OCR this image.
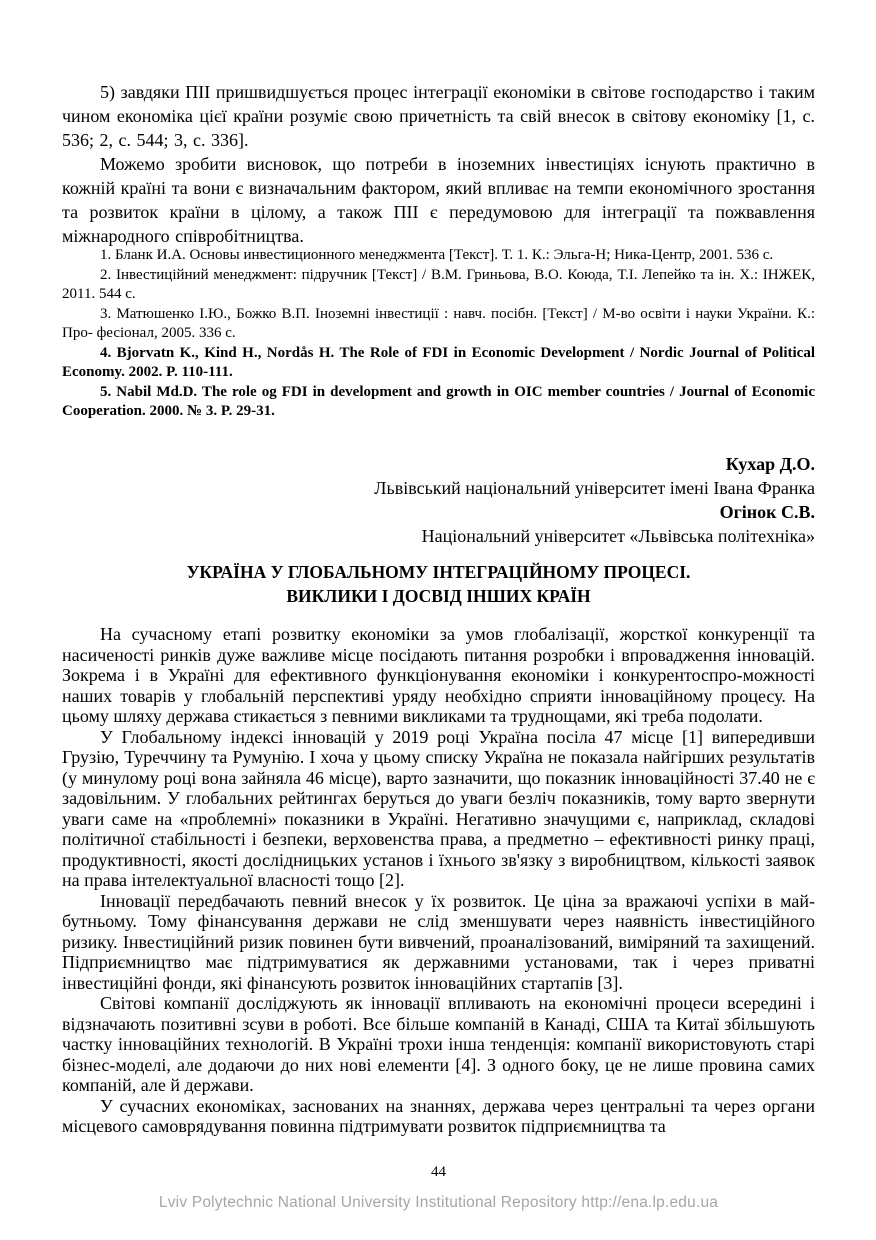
5) завдяки ПІІ пришвидшується процес інтеграції економіки в світове господарство і таким чином економіка цієї країни розуміє свою причетність та свій внесок в світову економіку [1, с. 536; 2, с. 544; 3, с. 336].

Можемо зробити висновок, що потреби в іноземних інвестиціях існують практично в кожній країні та вони є визначальним фактором, який впливає на темпи економічного зростання та розвиток країни в цілому, а також ПІІ є передумовою для інтеграції та пожвавлення міжнародного співробітництва.

1. Бланк И.А. Основы инвестиционного менеджмента [Текст]. Т. 1. К.: Эльга-Н; Ника-Центр, 2001. 536 с.

2. Інвестиційний менеджмент: підручник [Текст] / В.М. Гриньова, В.О. Коюда, Т.І. Лепейко та ін. Х.: ІНЖЕК, 2011. 544 с.

3. Матюшенко І.Ю., Божко В.П. Іноземні інвестиції : навч. посібн. [Текст] / М-во освіти і науки України. К.: Про- фесіонал, 2005. 336 с.

4. Bjorvatn K., Kind H., Nordås H. The Role of FDI in Economic Development / Nordic Journal of Political Economy. 2002. P. 110-111.

5. Nabil Md.D. The role og FDI in development and growth in OIC member countries / Journal of Economic Cooperation. 2000. № 3. P. 29-31.

Кухар Д.О.
Львівський національний університет імені Івана Франка
Огінок С.В.
Національний університет «Львівська політехніка»
УКРАЇНА У ГЛОБАЛЬНОМУ ІНТЕГРАЦІЙНОМУ ПРОЦЕСІ.
ВИКЛИКИ І ДОСВІД ІНШИХ КРАЇН

На сучасному етапі розвитку економіки за умов глобалізації, жорсткої конкуренції та насиченості ринків дуже важливе місце посідають питання розробки і впровадження інновацій. Зокрема і в Україні для ефективного функціонування економіки і конкурентоспро-можності наших товарів у глобальній перспективі уряду необхідно сприяти інноваційному процесу. На цьому шляху держава стикається з певними викликами та труднощами, які треба подолати.

У Глобальному індексі інновацій у 2019 році Україна посіла 47 місце [1] випередивши Грузію, Туреччину та Румунію. І хоча у цьому списку Україна не показала найгірших результатів (у минулому році вона зайняла 46 місце), варто зазначити, що показник інноваційності 37.40 не є задовільним. У глобальних рейтингах беруться до уваги безліч показників, тому варто звернути уваги саме на «проблемні» показники в Україні. Негативно значущими є, наприклад, складові політичної стабільності і безпеки, верховенства права, а предметно – ефективності ринку праці, продуктивності, якості дослідницьких установ і їхнього зв'язку з виробництвом, кількості заявок на права інтелектуальної власності тощо [2].

Інновації передбачають певний внесок у їх розвиток. Це ціна за вражаючі успіхи в май-бутньому. Тому фінансування держави не слід зменшувати через наявність інвестиційного ризику. Інвестиційний ризик повинен бути вивчений, проаналізований, виміряний та захищений. Підприємництво має підтримуватися як державними установами, так і через приватні інвестиційні фонди, які фінансують розвиток інноваційних стартапів [3].

Світові компанії досліджують як інновації впливають на економічні процеси всередині і відзначають позитивні зсуви в роботі. Все більше компаній в Канаді, США та Китаї збільшують частку інноваційних технологій. В Україні трохи інша тенденція: компанії використовують старі бізнес-моделі, але додаючи до них нові елементи [4]. З одного боку, це не лише провина самих компаній, але й держави.

У сучасних економіках, заснованих на знаннях, держава через центральні та через органи місцевого самоврядування повинна підтримувати розвиток підприємництва та

44
Lviv Polytechnic National University Institutional Repository http://ena.lp.edu.ua
